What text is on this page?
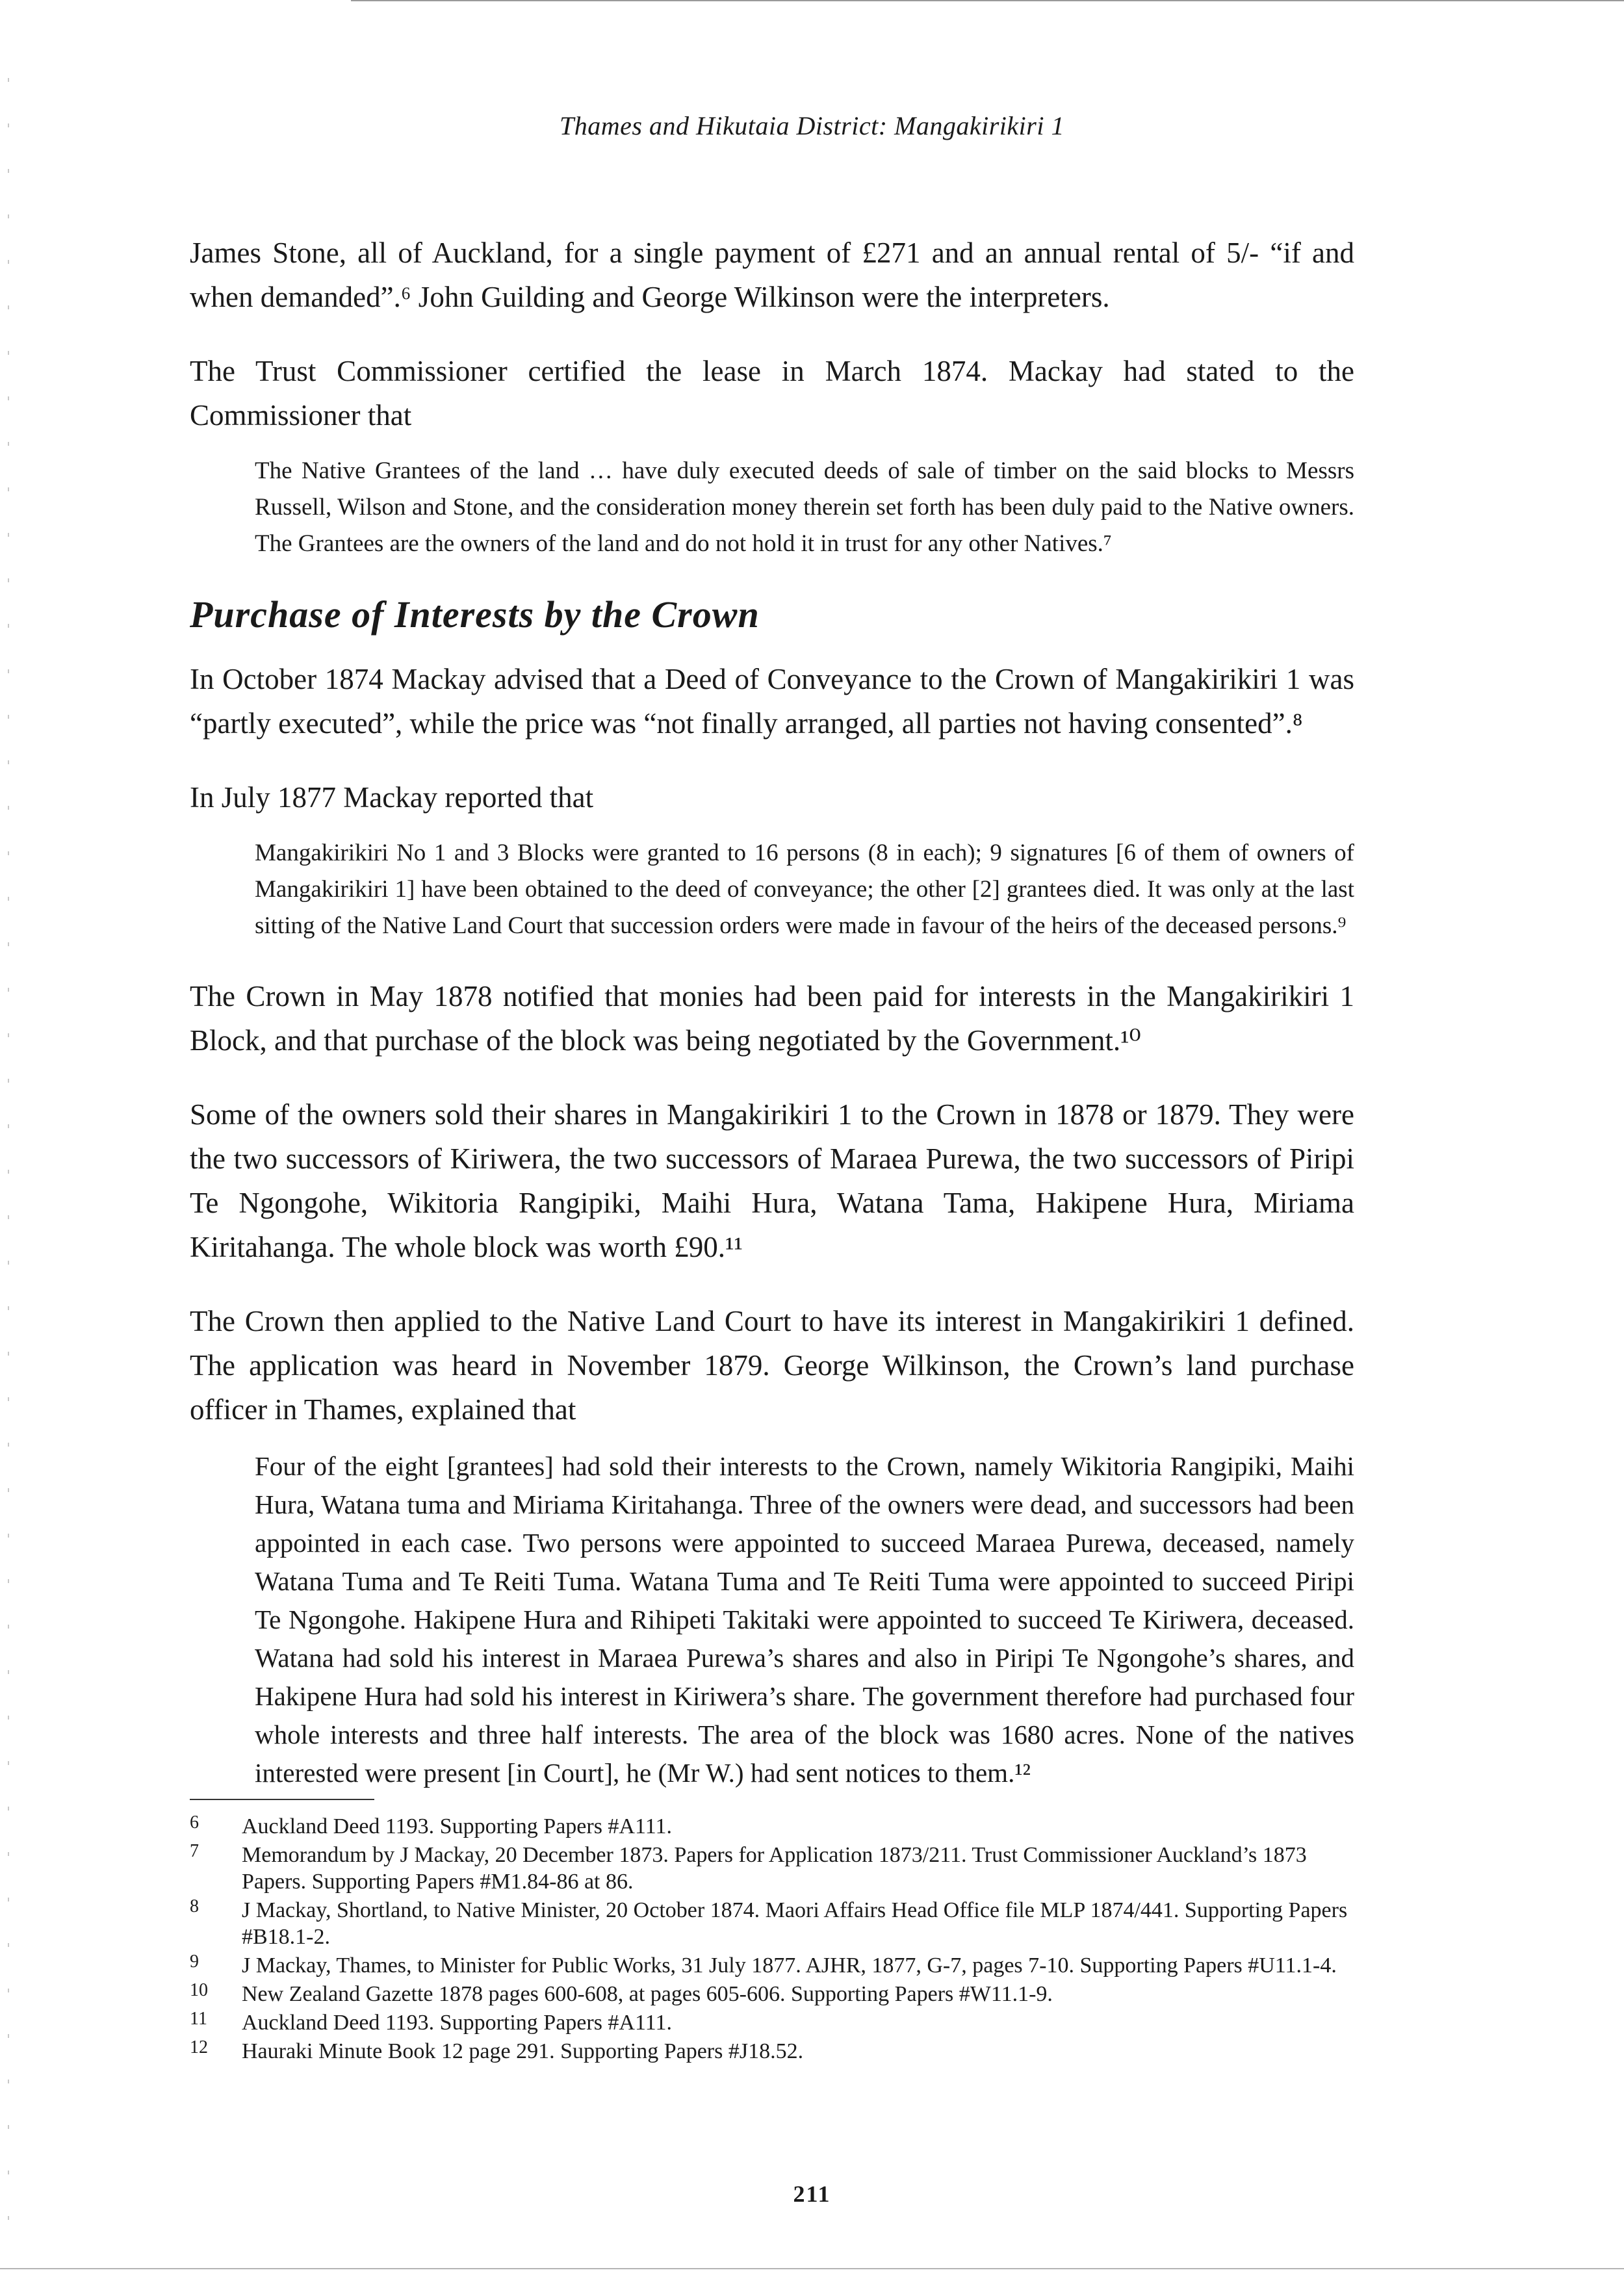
Thames and Hikutaia District: Mangakirikiri 1

James Stone, all of Auckland, for a single payment of £271 and an annual rental of 5/- “if and when demanded”.⁶ John Guilding and George Wilkinson were the interpreters.

The Trust Commissioner certified the lease in March 1874. Mackay had stated to the Commissioner that

The Native Grantees of the land … have duly executed deeds of sale of timber on the said blocks to Messrs Russell, Wilson and Stone, and the consideration money therein set forth has been duly paid to the Native owners. The Grantees are the owners of the land and do not hold it in trust for any other Natives.⁷

Purchase of Interests by the Crown

In October 1874 Mackay advised that a Deed of Conveyance to the Crown of Mangakirikiri 1 was “partly executed”, while the price was “not finally arranged, all parties not having consented”.⁸

In July 1877 Mackay reported that

Mangakirikiri No 1 and 3 Blocks were granted to 16 persons (8 in each); 9 signatures [6 of them of owners of Mangakirikiri 1] have been obtained to the deed of conveyance; the other [2] grantees died. It was only at the last sitting of the Native Land Court that succession orders were made in favour of the heirs of the deceased persons.⁹

The Crown in May 1878 notified that monies had been paid for interests in the Mangakirikiri 1 Block, and that purchase of the block was being negotiated by the Government.¹⁰

Some of the owners sold their shares in Mangakirikiri 1 to the Crown in 1878 or 1879. They were the two successors of Kiriwera, the two successors of Maraea Purewa, the two successors of Piripi Te Ngongohe, Wikitoria Rangipiki, Maihi Hura, Watana Tama, Hakipene Hura, Miriama Kiritahanga. The whole block was worth £90.¹¹

The Crown then applied to the Native Land Court to have its interest in Mangakirikiri 1 defined. The application was heard in November 1879. George Wilkinson, the Crown’s land purchase officer in Thames, explained that

Four of the eight [grantees] had sold their interests to the Crown, namely Wikitoria Rangipiki, Maihi Hura, Watana tuma and Miriama Kiritahanga. Three of the owners were dead, and successors had been appointed in each case. Two persons were appointed to succeed Maraea Purewa, deceased, namely Watana Tuma and Te Reiti Tuma. Watana Tuma and Te Reiti Tuma were appointed to succeed Piripi Te Ngongohe. Hakipene Hura and Rihipeti Takitaki were appointed to succeed Te Kiriwera, deceased. Watana had sold his interest in Maraea Purewa’s shares and also in Piripi Te Ngongohe’s shares, and Hakipene Hura had sold his interest in Kiriwera’s share. The government therefore had purchased four whole interests and three half interests. The area of the block was 1680 acres. None of the natives interested were present [in Court], he (Mr W.) had sent notices to them.¹²

6	Auckland Deed 1193. Supporting Papers #A111.
7	Memorandum by J Mackay, 20 December 1873. Papers for Application 1873/211. Trust Commissioner Auckland’s 1873 Papers. Supporting Papers #M1.84-86 at 86.
8	J Mackay, Shortland, to Native Minister, 20 October 1874. Maori Affairs Head Office file MLP 1874/441. Supporting Papers #B18.1-2.
9	J Mackay, Thames, to Minister for Public Works, 31 July 1877. AJHR, 1877, G-7, pages 7-10. Supporting Papers #U11.1-4.
10	New Zealand Gazette 1878 pages 600-608, at pages 605-606. Supporting Papers #W11.1-9.
11	Auckland Deed 1193. Supporting Papers #A111.
12	Hauraki Minute Book 12 page 291. Supporting Papers #J18.52.
211
